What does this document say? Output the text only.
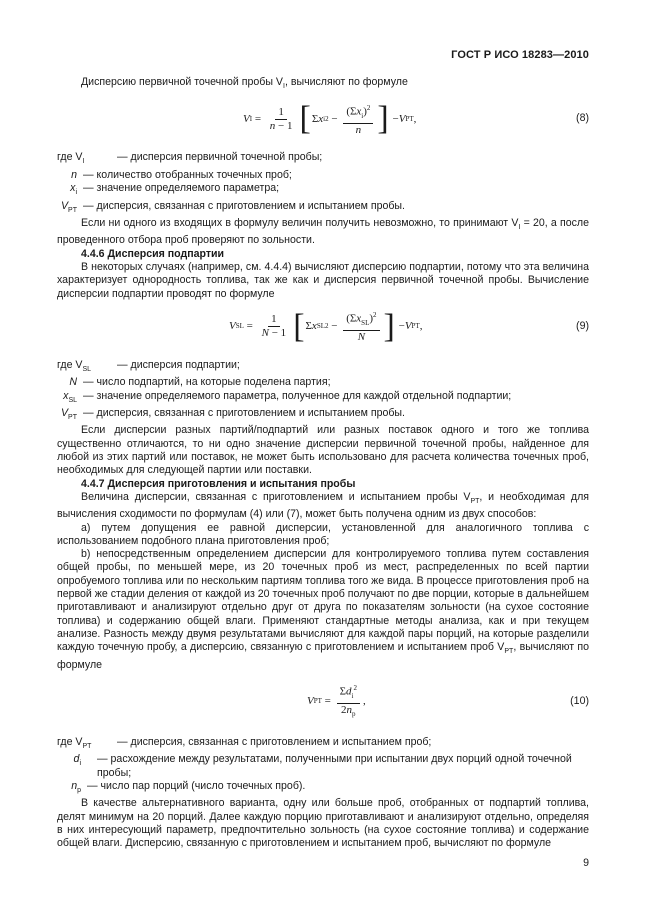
ГОСТ Р ИСО 18283—2010

Дисперсию первичной точечной пробы $V_I$, вычисляют по формуле

V $I = \frac{1}{n - 1}$ [ Σ x i $2 - \frac{(\Sigma x_i)^2}{n}$ ] − V PT ,	(8)
где $V_I$	— дисперсия первичной точечной пробы;
n — количество отобранных точечных проб;
$x_i$ — значение определяемого параметра;
$V_{PT}$ — дисперсия, связанная с приготовлением и испытанием пробы.

Если ни одного из входящих в формулу величин получить невозможно, то принимают $V_I = 20$, а после проведенного отбора проб проверяют по зольности.

4.4.6 Дисперсия подпартии

В некоторых случаях (например, см. 4.4.4) вычисляют дисперсию подпартии, потому что эта величина характеризует однородность топлива, так же как и дисперсия первичной точечной пробы. Вычисление дисперсии подпартии проводят по формуле

V SL = $\frac{1}{N - 1}$ [ Σ x SL $2 - \frac{(\Sigma x_{SL})^2}{N}$ ] − V PT ,	(9)
где $V_{SL}$	— дисперсия подпартии;
N — число подпартий, на которые поделена партия;
$x_{SL}$ — значение определяемого параметра, полученное для каждой отдельной подпартии;
$V_{PT}$ — дисперсия, связанная с приготовлением и испытанием пробы.

Если дисперсии разных партий/подпартий или разных поставок одного и того же топлива существенно отличаются, то ни одно значение дисперсии первичной точечной пробы, найденное для любой из этих партий или поставок, не может быть использовано для расчета количества точечных проб, необходимых для следующей партии или поставки.

4.4.7 Дисперсия приготовления и испытания пробы

Величина дисперсии, связанная с приготовлением и испытанием пробы $V_{PT}$, и необходимая для вычисления сходимости по формулам (4) или (7), может быть получена одним из двух способов:

а) путем допущения ее равной дисперсии, установленной для аналогичного топлива с использованием подобного плана приготовления проб;

b) непосредственным определением дисперсии для контролируемого топлива путем составления общей пробы, по меньшей мере, из 20 точечных проб из мест, распределенных по всей партии опробуемого топлива или по нескольким партиям топлива того же вида. В процессе приготовления проб на первой же стадии деления от каждой из 20 точечных проб получают по две порции, которые в дальнейшем приготавливают и анализируют отдельно друг от друга по показателям зольности (на сухое состояние топлива) и содержанию общей влаги. Применяют стандартные методы анализа, как и при текущем анализе. Разность между двумя результатами вычисляют для каждой пары порций, на которые разделили каждую точечную пробу, а дисперсию, связанную с приготовлением и испытанием проб $V_{PT}$, вычисляют по формуле

V PT = $\frac{\Sigma d_i^2}{2n_p}$ ,	(10)
где $V_{PT}$	— дисперсия, связанная с приготовлением и испытанием проб;
$d_i$	— расхождение между результатами, полученными при испытании двух порций одной точечной пробы;
$n_p$ — число пар порций (число точечных проб).

В качестве альтернативного варианта, одну или больше проб, отобранных от подпартий топлива, делят минимум на 20 порций. Далее каждую порцию приготавливают и анализируют отдельно, определяя в них интересующий параметр, предпочтительно зольность (на сухое состояние топлива) и содержание общей влаги. Дисперсию, связанную с приготовлением и испытанием проб, вычисляют по формуле

9
